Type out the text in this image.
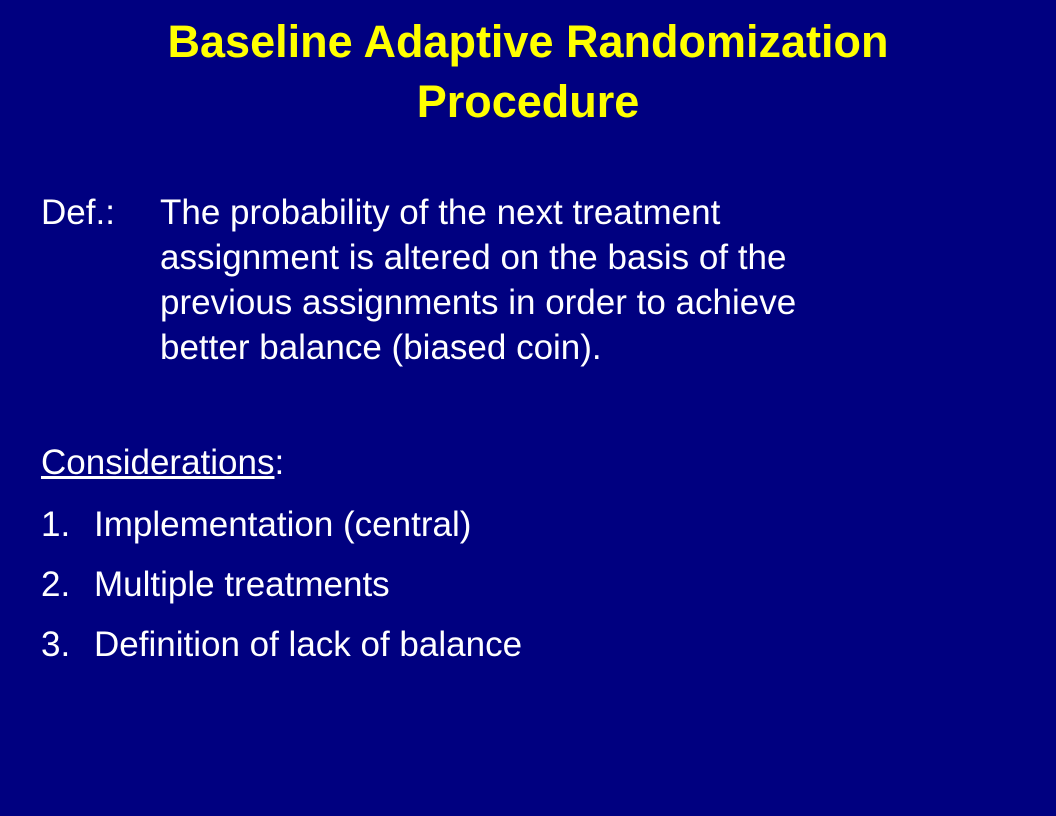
Baseline Adaptive Randomization
Procedure
Def.: The probability of the next treatment
assignment is altered on the basis of the
previous assignments in order to achieve
better balance (biased coin).
Considerations:
1. Implementation (central)
2. Multiple treatments
3. Definition of lack of balance
